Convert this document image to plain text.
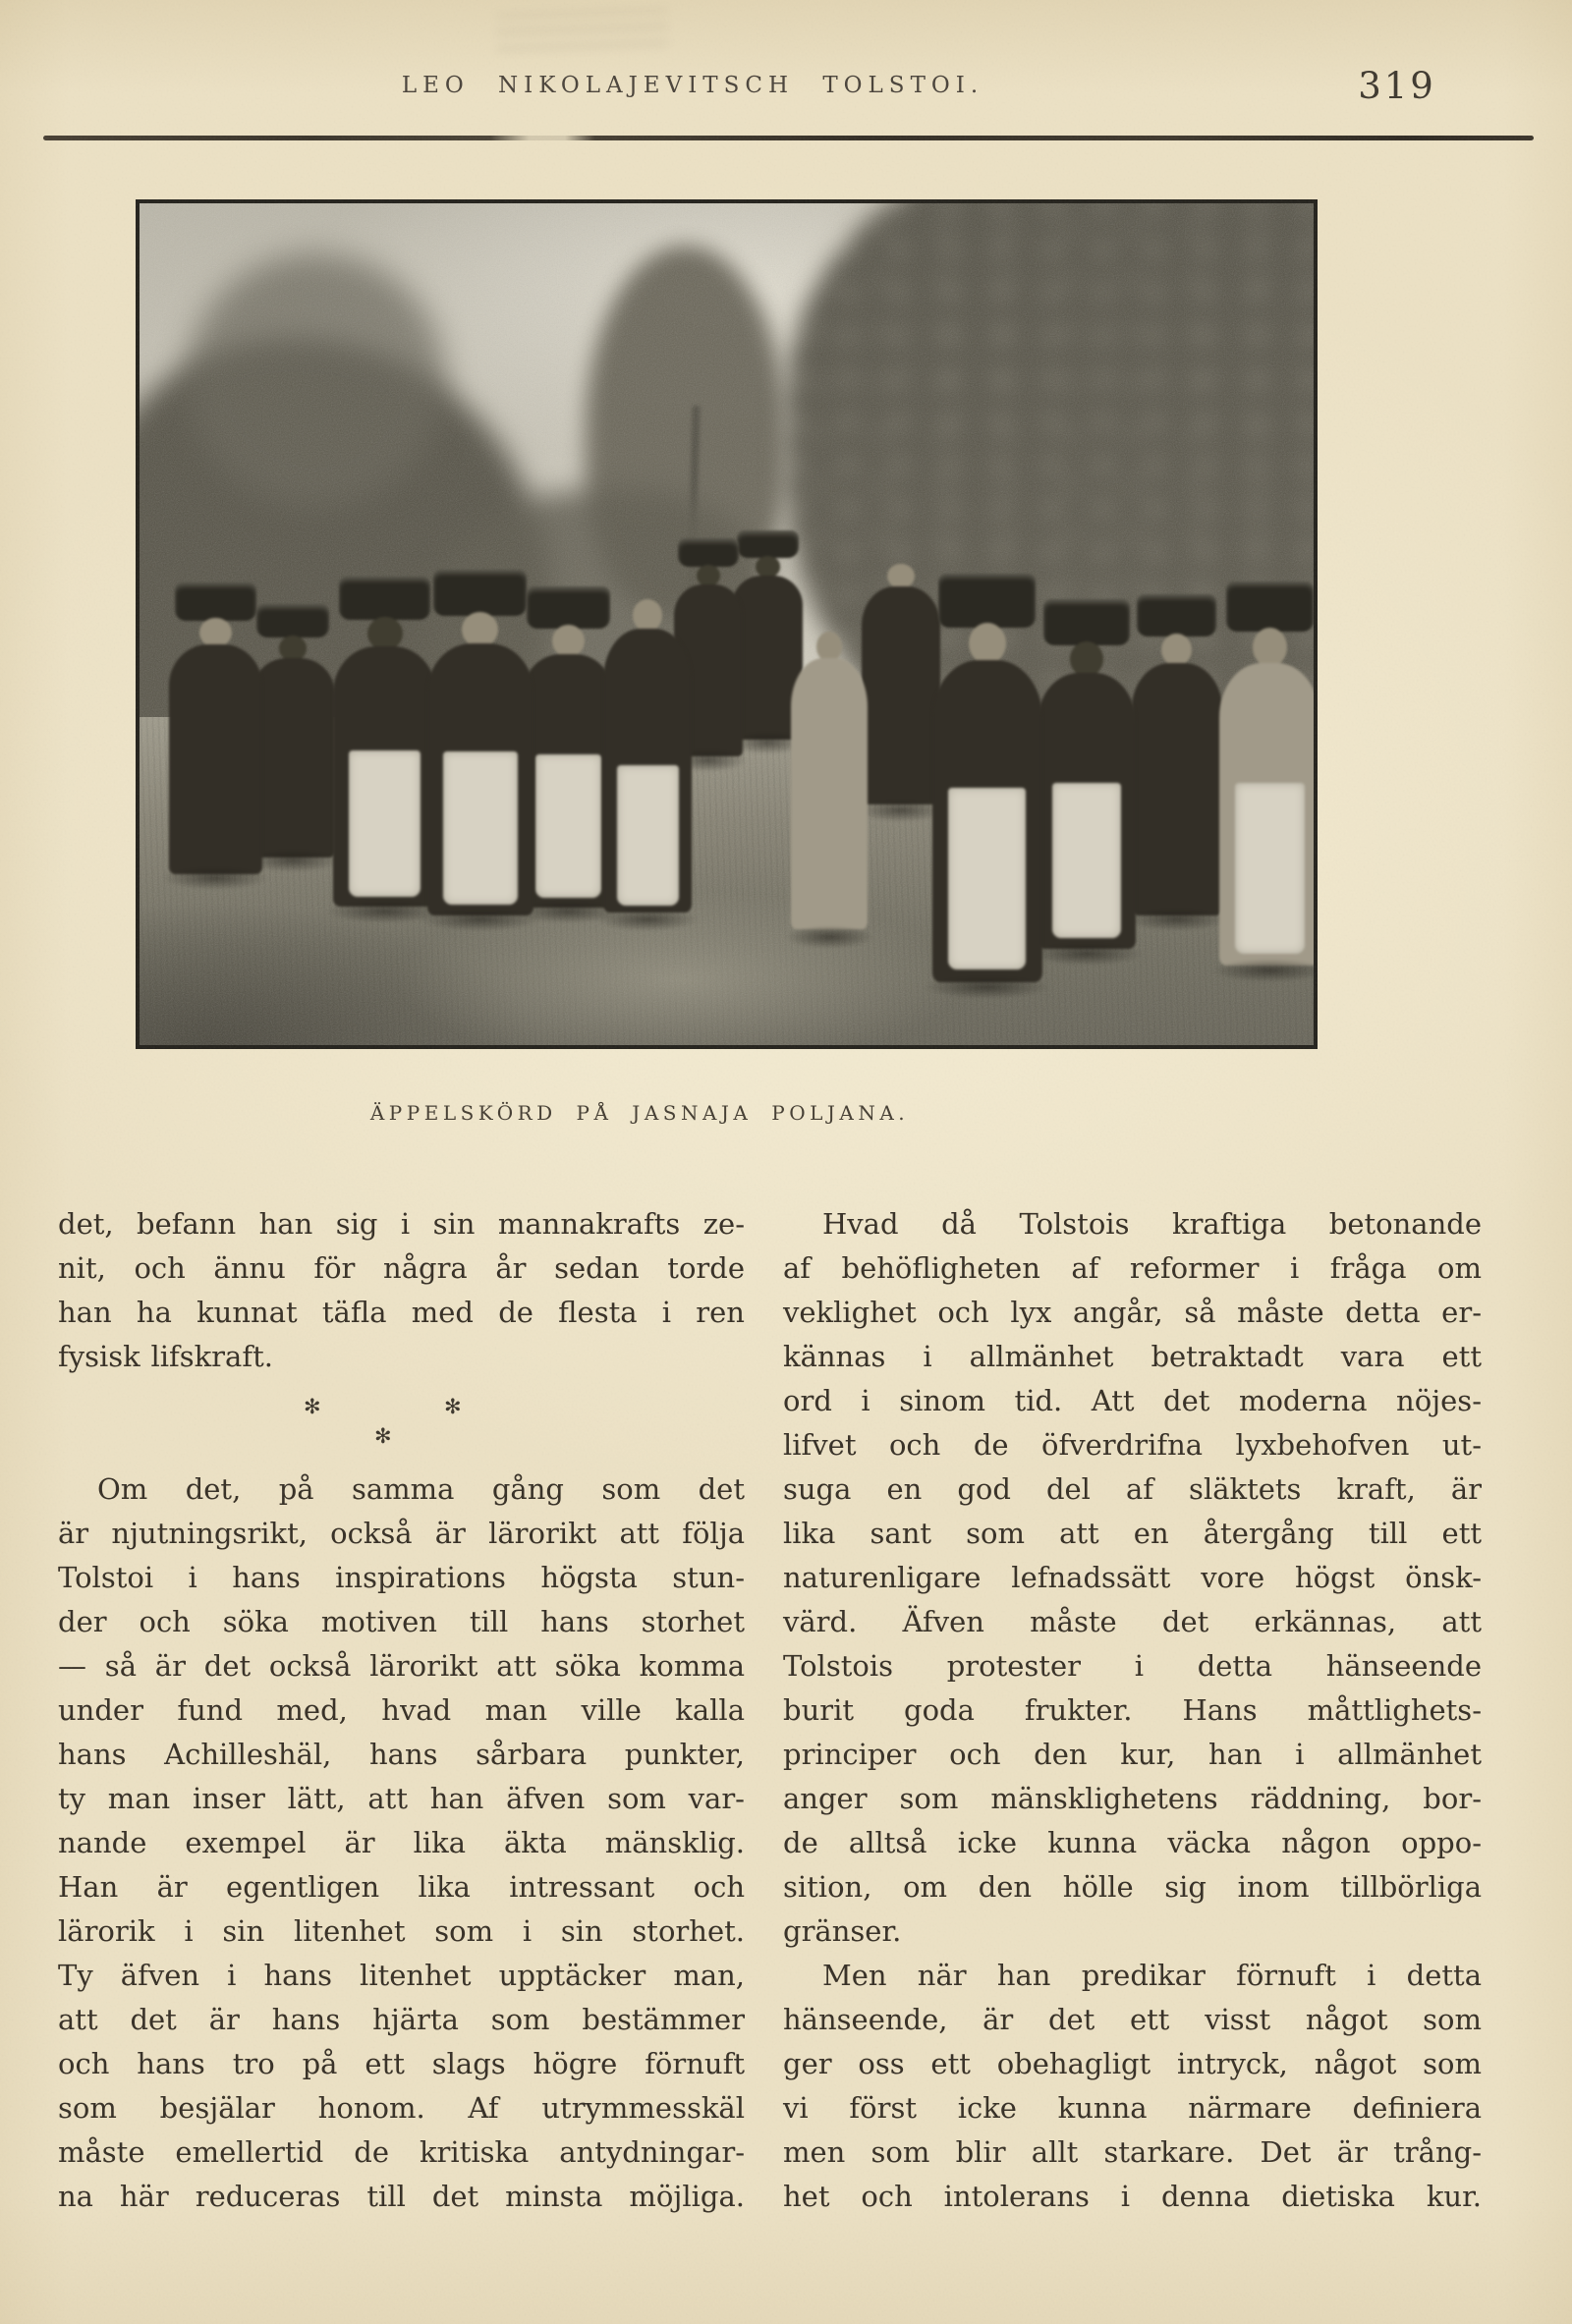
LEO NIKOLAJEVITSCH TOLSTOI.	319
ÄPPELSKÖRD PÅ JASNAJA POLJANA.
det, befann han sig i sin mannakrafts ze-
nit, och ännu för några år sedan torde
han ha kunnat täfla med de flesta i ren
fysisk lifskraft.
✻	✻
✻
Om det, på samma gång som det
är njutningsrikt, också är lärorikt att följa
Tolstoi i hans inspirations högsta stun-
der och söka motiven till hans storhet
— så är det också lärorikt att söka komma
under fund med, hvad man ville kalla
hans Achilleshäl, hans sårbara punkter,
ty man inser lätt, att han äfven som var-
nande exempel är lika äkta mänsklig.
Han är egentligen lika intressant och
lärorik i sin litenhet som i sin storhet.
Ty äfven i hans litenhet upptäcker man,
att det är hans hjärta som bestämmer
och hans tro på ett slags högre förnuft
som besjälar honom. Af utrymmesskäl
måste emellertid de kritiska antydningar-
na här reduceras till det minsta möjliga.
Hvad då Tolstois kraftiga betonande
af behöfligheten af reformer i fråga om
veklighet och lyx angår, så måste detta er-
kännas i allmänhet betraktadt vara ett
ord i sinom tid. Att det moderna nöjes-
lifvet och de öfverdrifna lyxbehofven ut-
suga en god del af släktets kraft, är
lika sant som att en återgång till ett
naturenligare lefnadssätt vore högst önsk-
värd. Äfven måste det erkännas, att
Tolstois protester i detta hänseende
burit goda frukter. Hans måttlighets-
principer och den kur, han i allmänhet
anger som mänsklighetens räddning, bor-
de alltså icke kunna väcka någon oppo-
sition, om den hölle sig inom tillbörliga
gränser.
Men när han predikar förnuft i detta
hänseende, är det ett visst något som
ger oss ett obehagligt intryck, något som
vi först icke kunna närmare definiera
men som blir allt starkare. Det är trång-
het och intolerans i denna dietiska kur.
